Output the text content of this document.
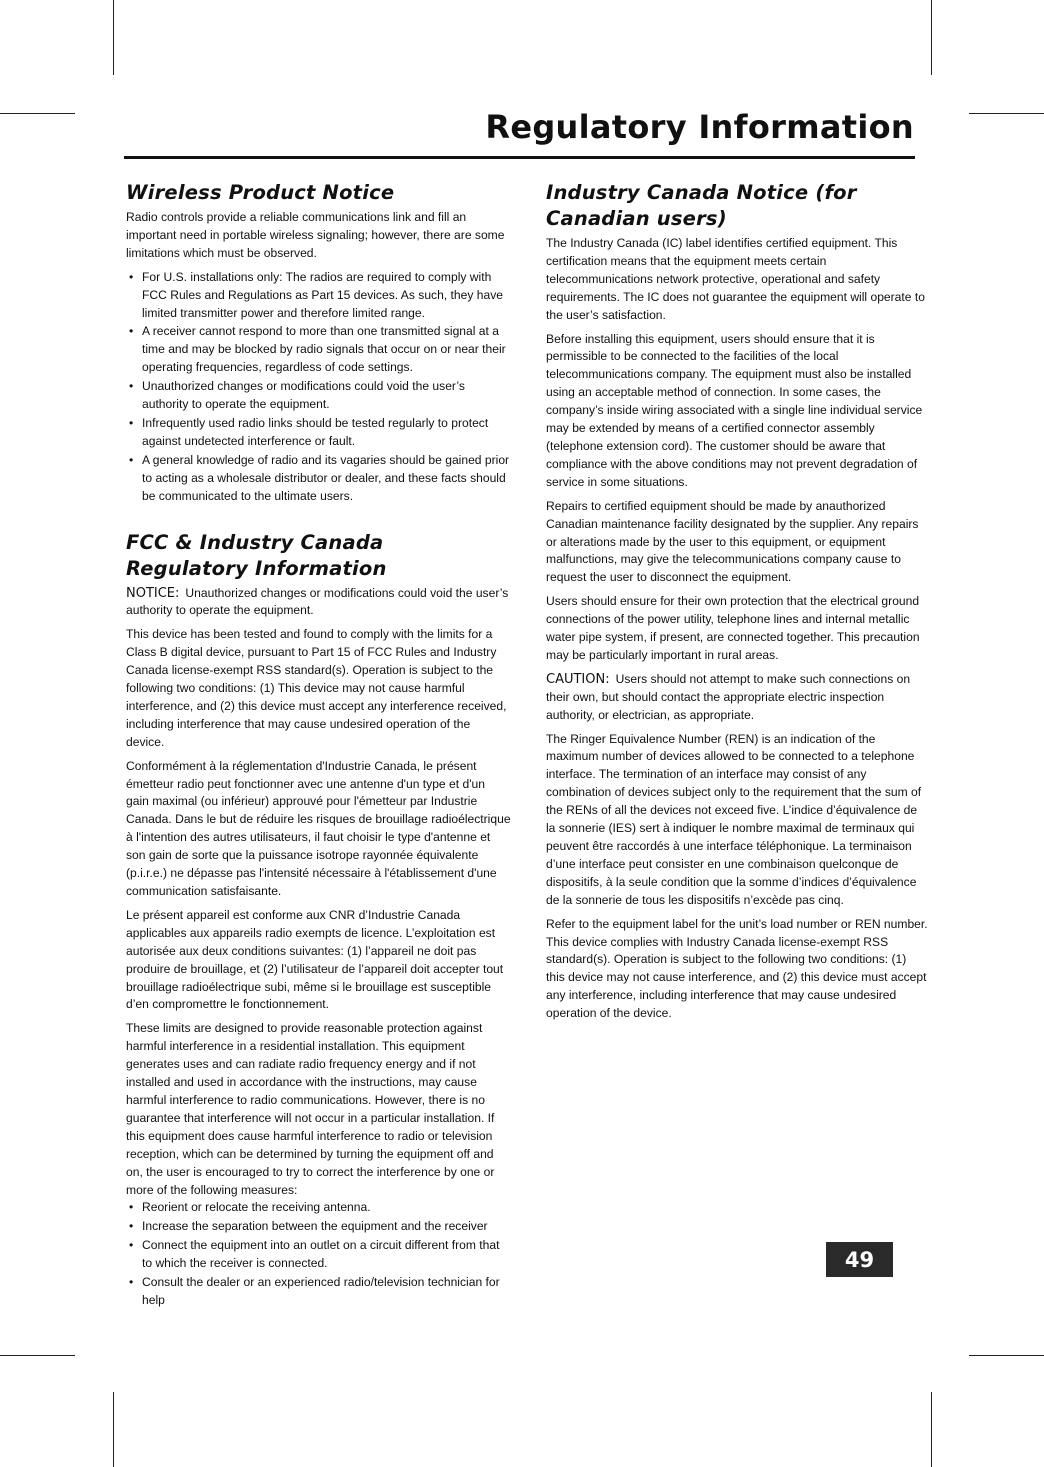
Regulatory Information
Wireless Product Notice

Radio controls provide a reliable communications link and fill an important need in portable wireless signaling; however, there are some limitations which must be observed.

• For U.S. installations only: The radios are required to comply with FCC Rules and Regulations as Part 15 devices. As such, they have limited transmitter power and therefore limited range.
• A receiver cannot respond to more than one transmitted signal at a time and may be blocked by radio signals that occur on or near their operating frequencies, regardless of code settings.
• Unauthorized changes or modifications could void the user’s authority to operate the equipment.
• Infrequently used radio links should be tested regularly to protect against undetected interference or fault.
• A general knowledge of radio and its vagaries should be gained prior to acting as a wholesale distributor or dealer, and these facts should be communicated to the ultimate users.
FCC & Industry Canada Regulatory Information

NOTICE: Unauthorized changes or modifications could void the user’s authority to operate the equipment.

This device has been tested and found to comply with the limits for a Class B digital device, pursuant to Part 15 of FCC Rules and Industry Canada license-exempt RSS standard(s). Operation is subject to the following two conditions: (1) This device may not cause harmful interference, and (2) this device must accept any interference received, including interference that may cause undesired operation of the device.

Conformément à la réglementation d'Industrie Canada, le présent émetteur radio peut fonctionner avec une antenne d'un type et d'un gain maximal (ou inférieur) approuvé pour l'émetteur par Industrie Canada. Dans le but de réduire les risques de brouillage radioélectrique à l'intention des autres utilisateurs, il faut choisir le type d'antenne et son gain de sorte que la puissance isotrope rayonnée équivalente (p.i.r.e.) ne dépasse pas l'intensité nécessaire à l'établissement d'une communication satisfaisante.

Le présent appareil est conforme aux CNR d’Industrie Canada applicables aux appareils radio exempts de licence. L’exploitation est autorisée aux deux conditions suivantes: (1) l’appareil ne doit pas produire de brouillage, et (2) l’utilisateur de l’appareil doit accepter tout brouillage radioélectrique subi, même si le brouillage est susceptible d’en compromettre le fonctionnement.

These limits are designed to provide reasonable protection against harmful interference in a residential installation. This equipment generates uses and can radiate radio frequency energy and if not installed and used in accordance with the instructions, may cause harmful interference to radio communications. However, there is no guarantee that interference will not occur in a particular installation. If this equipment does cause harmful interference to radio or television reception, which can be determined by turning the equipment off and on, the user is encouraged to try to correct the interference by one or more of the following measures:

• Reorient or relocate the receiving antenna.
• Increase the separation between the equipment and the receiver
• Connect the equipment into an outlet on a circuit different from that to which the receiver is connected.
• Consult the dealer or an experienced radio/television technician for help
Industry Canada Notice (for Canadian users)

The Industry Canada (IC) label identifies certified equipment. This certification means that the equipment meets certain telecommunications network protective, operational and safety requirements. The IC does not guarantee the equipment will operate to the user’s satisfaction.

Before installing this equipment, users should ensure that it is permissible to be connected to the facilities of the local telecommunications company. The equipment must also be installed using an acceptable method of connection. In some cases, the company’s inside wiring associated with a single line individual service may be extended by means of a certified connector assembly (telephone extension cord). The customer should be aware that compliance with the above conditions may not prevent degradation of service in some situations.

Repairs to certified equipment should be made by anauthorized Canadian maintenance facility designated by the supplier. Any repairs or alterations made by the user to this equipment, or equipment malfunctions, may give the telecommunications company cause to request the user to disconnect the equipment.

Users should ensure for their own protection that the electrical ground connections of the power utility, telephone lines and internal metallic water pipe system, if present, are connected together. This precaution may be particularly important in rural areas.

CAUTION: Users should not attempt to make such connections on their own, but should contact the appropriate electric inspection authority, or electrician, as appropriate.

The Ringer Equivalence Number (REN) is an indication of the maximum number of devices allowed to be connected to a telephone interface. The termination of an interface may consist of any combination of devices subject only to the requirement that the sum of the RENs of all the devices not exceed five. L’indice d’équivalence de la sonnerie (IES) sert à indiquer le nombre maximal de terminaux qui peuvent être raccordés à une interface téléphonique. La terminaison d’une interface peut consister en une combinaison quelconque de dispositifs, à la seule condition que la somme d’indices d’équivalence de la sonnerie de tous les dispositifs n’excède pas cinq.

Refer to the equipment label for the unit’s load number or REN number. This device complies with Industry Canada license-exempt RSS standard(s). Operation is subject to the following two conditions: (1) this device may not cause interference, and (2) this device must accept any interference, including interference that may cause undesired operation of the device.

49
